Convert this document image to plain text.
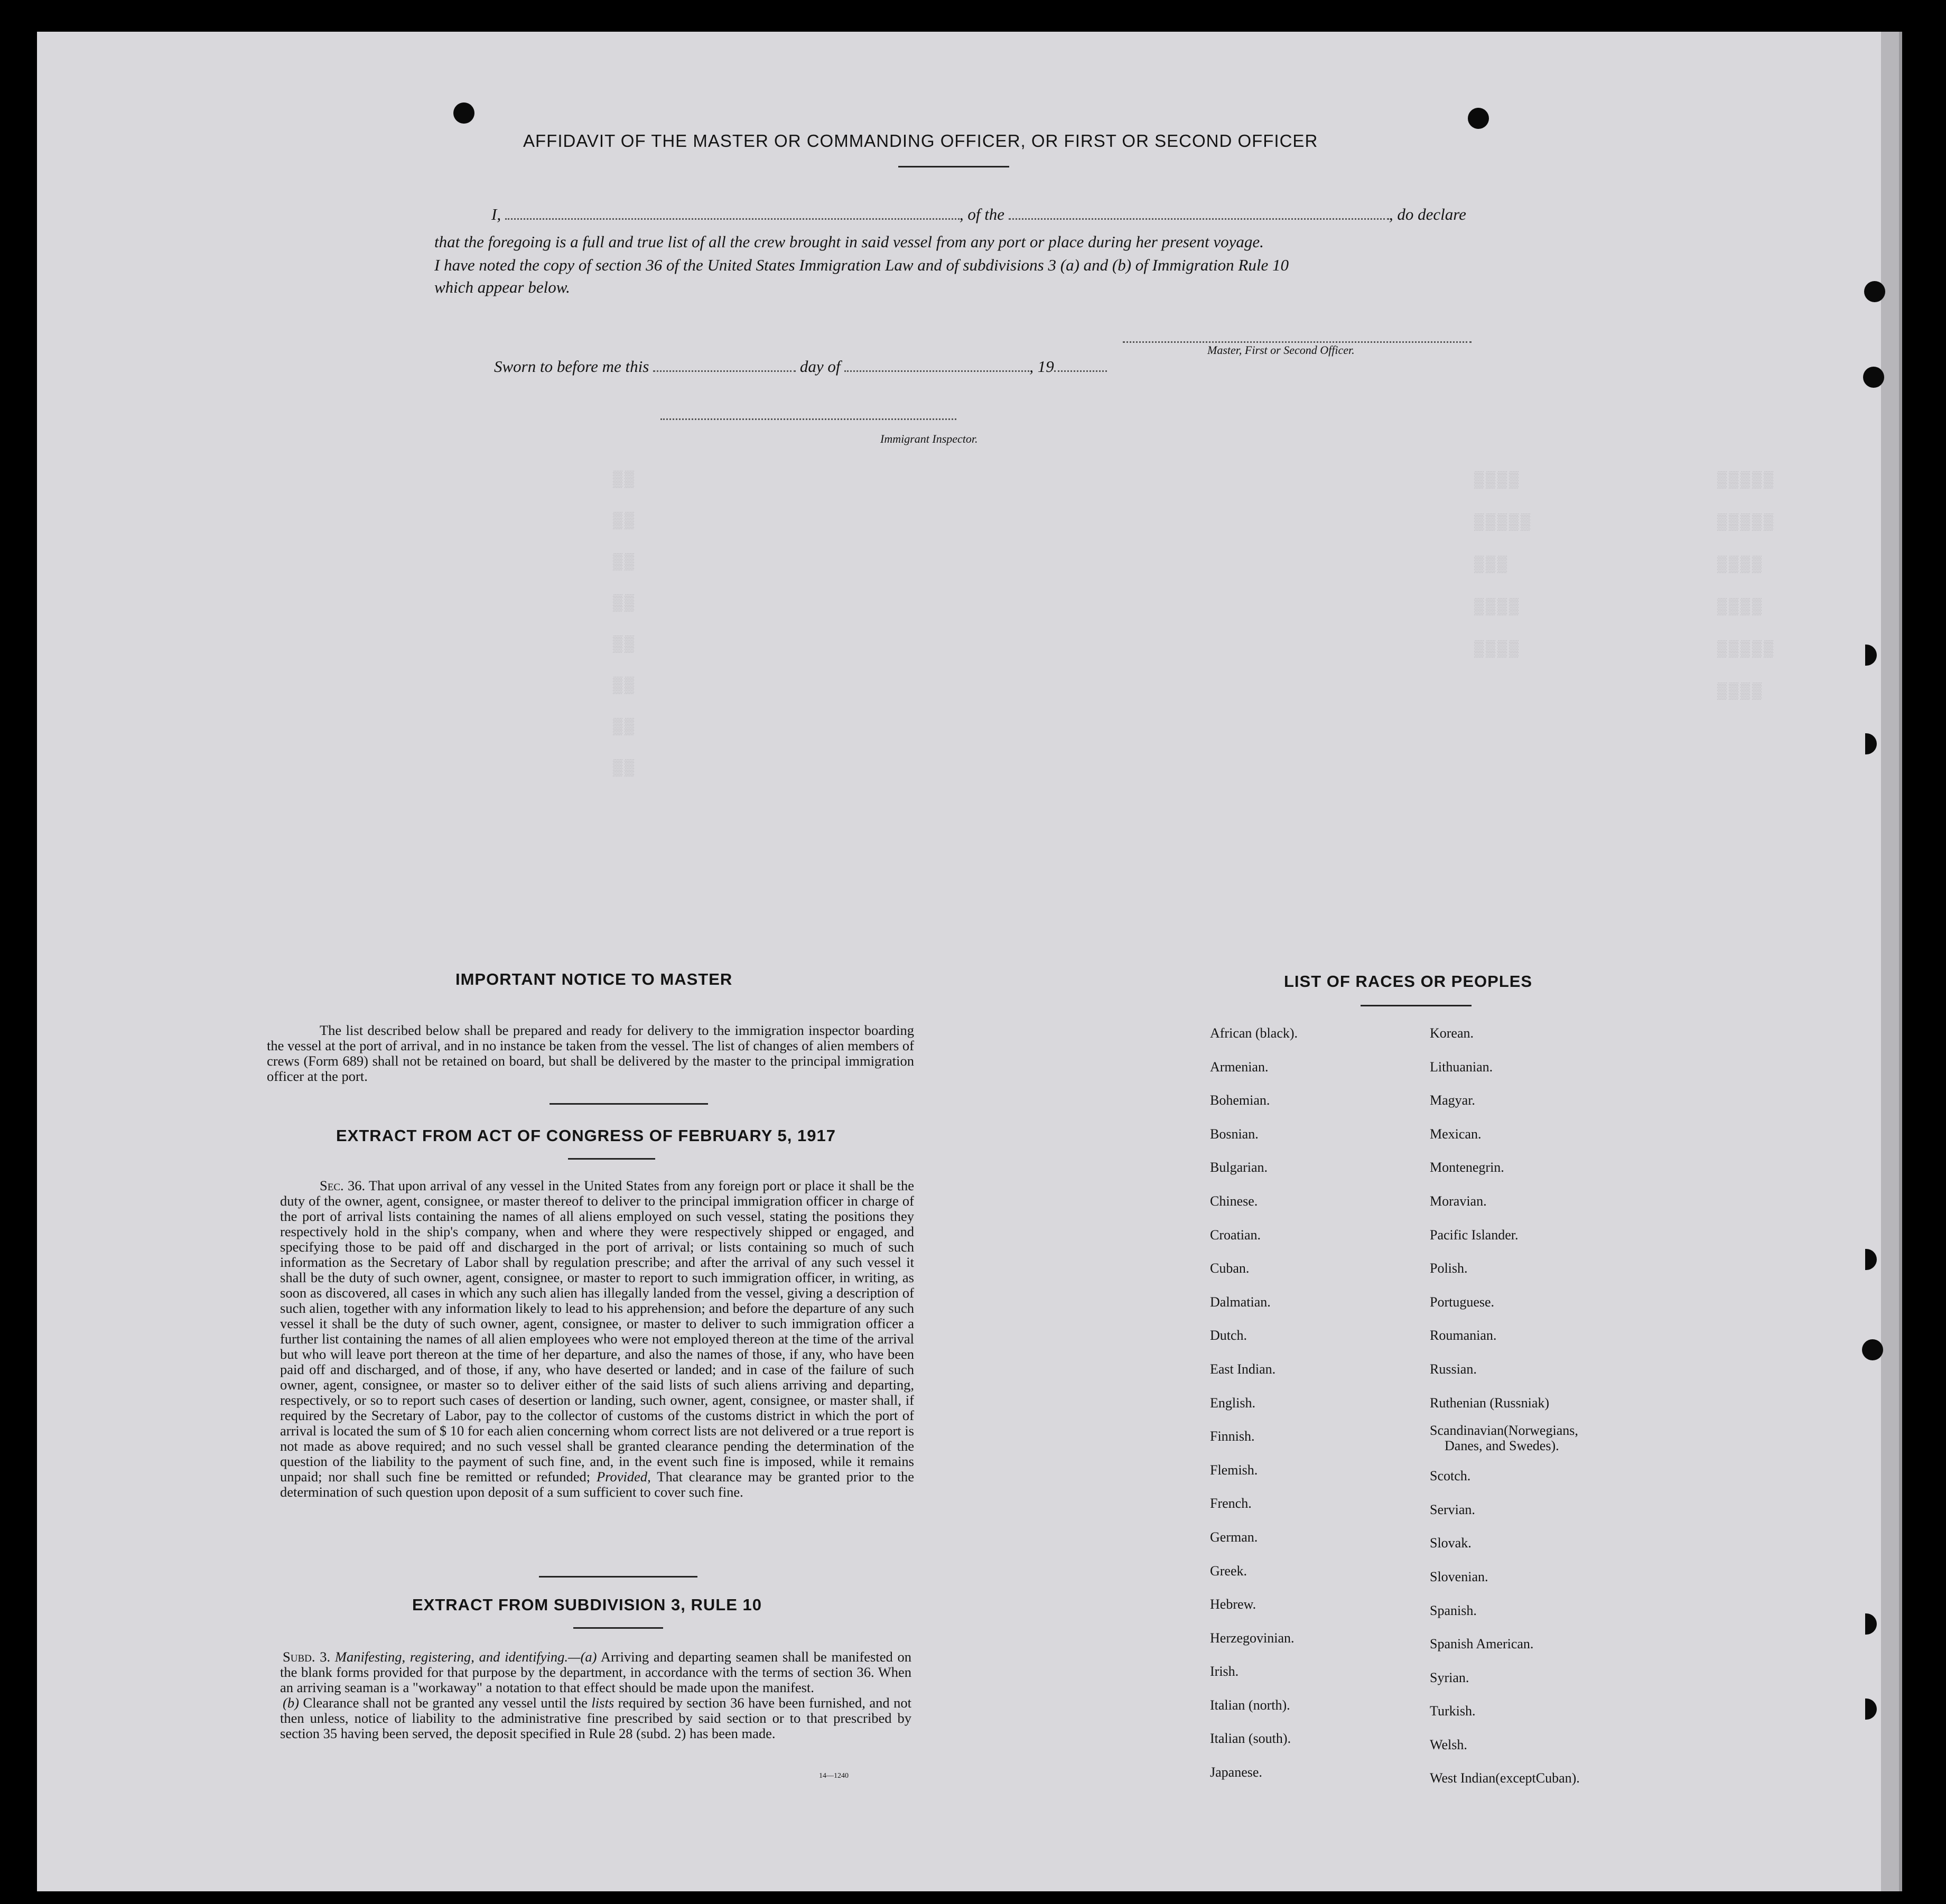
▒▒▒▒▒
▒▒▒▒▒
▒▒▒▒
▒▒▒▒
▒▒▒▒▒
▒▒▒▒
▒▒▒▒
▒▒▒▒▒
▒▒▒
▒▒▒▒
▒▒▒▒
▒▒
▒▒
▒▒
▒▒
▒▒
▒▒
▒▒
▒▒
AFFIDAVIT OF THE MASTER OR COMMANDING OFFICER, OR FIRST OR SECOND OFFICER
I,	, of the	, do declare
that the foregoing is a full and true list of all the crew brought in said vessel from any port or place during her present voyage.
I have noted the copy of section 36 of the United States Immigration Law and of subdivisions 3 (a) and (b) of Immigration Rule 10
which appear below.
Master, First or Second Officer.
Sworn to before me this	day of	, 19
Immigrant Inspector.
IMPORTANT NOTICE TO MASTER
The list described below shall be prepared and ready for delivery to the immigration inspector boarding the vessel at the port of arrival, and in no instance be taken from the vessel. The list of changes of alien members of crews (Form 689) shall not be retained on board, but shall be delivered by the master to the principal immigration officer at the port.
EXTRACT FROM ACT OF CONGRESS OF FEBRUARY 5, 1917

Sec. 36. That upon arrival of any vessel in the United States from any foreign port or place it shall be the duty of the owner, agent, consignee, or master thereof to deliver to the principal immigration officer in charge of the port of arrival lists containing the names of all aliens employed on such vessel, stating the positions they respectively hold in the ship's company, when and where they were respectively shipped or engaged, and specifying those to be paid off and discharged in the port of arrival; or lists containing so much of such information as the Secretary of Labor shall by regulation prescribe; and after the arrival of any such vessel it shall be the duty of such owner, agent, consignee, or master to report to such immigration officer, in writing, as soon as discovered, all cases in which any such alien has illegally landed from the vessel, giving a description of such alien, together with any information likely to lead to his apprehension; and before the departure of any such vessel it shall be the duty of such owner, agent, consignee, or master to deliver to such immigration officer a further list containing the names of all alien employees who were not employed thereon at the time of the arrival but who will leave port thereon at the time of her departure, and also the names of those, if any, who have been paid off and discharged, and of those, if any, who have deserted or landed; and in case of the failure of such owner, agent, consignee, or master so to deliver either of the said lists of such aliens arriving and departing, respectively, or so to report such cases of desertion or landing, such owner, agent, consignee, or master shall, if required by the Secretary of Labor, pay to the collector of customs of the customs district in which the port of arrival is located the sum of $ 10 for each alien concerning whom correct lists are not delivered or a true report is not made as above required; and no such vessel shall be granted clearance pending the determination of the question of the liability to the payment of such fine, and, in the event such fine is imposed, while it remains unpaid; nor shall such fine be remitted or refunded; Provided, That clearance may be granted prior to the determination of such question upon deposit of a sum sufficient to cover such fine.

EXTRACT FROM SUBDIVISION 3, RULE 10

Subd. 3. Manifesting, registering, and identifying.—(a) Arriving and departing seamen shall be manifested on the blank forms provided for that purpose by the department, in accordance with the terms of section 36. When an arriving seaman is a "workaway" a notation to that effect should be made upon the manifest.

(b) Clearance shall not be granted any vessel until the lists required by section 36 have been furnished, and not then unless, notice of liability to the administrative fine prescribed by said section or to that prescribed by section 35 having been served, the deposit specified in Rule 28 (subd. 2) has been made.

14—1240
LIST OF RACES OR PEOPLES
African (black).
Armenian.
Bohemian.
Bosnian.
Bulgarian.
Chinese.
Croatian.
Cuban.
Dalmatian.
Dutch.
East Indian.
English.
Finnish.
Flemish.
French.
German.
Greek.
Hebrew.
Herzegovinian.
Irish.
Italian (north).
Italian (south).
Japanese.
Korean.
Lithuanian.
Magyar.
Mexican.
Montenegrin.
Moravian.
Pacific Islander.
Polish.
Portuguese.
Roumanian.
Russian.
Ruthenian (Russniak)
Scandinavian(Norwegians,
Danes, and Swedes).
Scotch.
Servian.
Slovak.
Slovenian.
Spanish.
Spanish American.
Syrian.
Turkish.
Welsh.
West Indian(exceptCuban).
